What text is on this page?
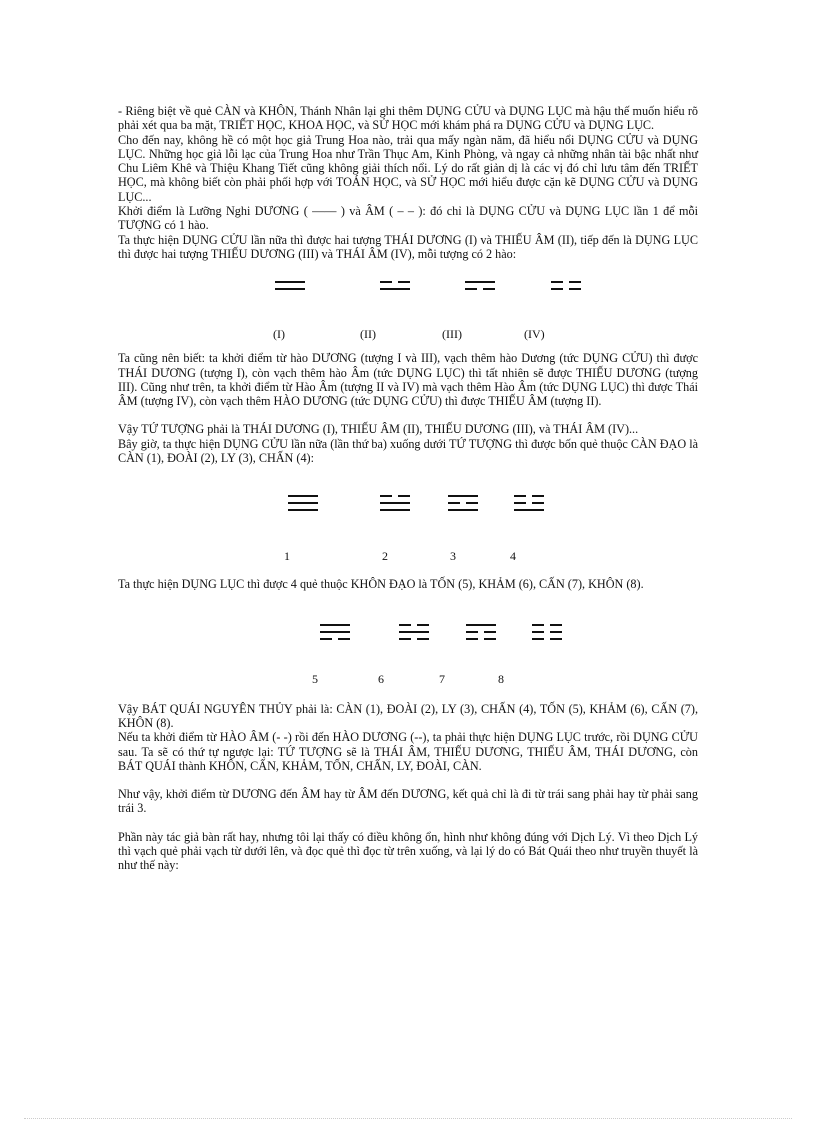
- Riêng biệt về quẻ CÀN và KHÔN, Thánh Nhân lại ghi thêm DỤNG CỬU và DỤNG LỤC mà hậu thế muốn hiểu rõ phải xét qua ba mặt, TRIẾT HỌC, KHOA HỌC, và SỬ HỌC mới khám phá ra DỤNG CỬU và DỤNG LỤC.

Cho đến nay, không hề có một học giả Trung Hoa nào, trải qua mấy ngàn năm, đã hiểu nổi DỤNG CỬU và DỤNG LỤC. Những học giả lỗi lạc của Trung Hoa như Trần Thục Am, Kinh Phòng, và ngay cả những nhân tài bậc nhất như Chu Liêm Khê và Thiệu Khang Tiết cũng không giải thích nổi. Lý do rất giản dị là các vị đó chỉ lưu tâm đến TRIẾT HỌC, mà không biết còn phải phối hợp với TOÁN HỌC, và SỬ HỌC mới hiểu được cặn kẽ DỤNG CỬU và DỤNG LỤC...

Khởi điểm là Lưỡng Nghi DƯƠNG ( —— ) và ÂM ( – – ): đó chỉ là DỤNG CỬU và DỤNG LỤC lần 1 để mỗi TƯỢNG có 1 hào.

Ta thực hiện DỤNG CỬU lần nữa thì được hai tượng THÁI DƯƠNG (I) và THIẾU ÂM (II), tiếp đến là DỤNG LỤC thì được hai tượng THIẾU DƯƠNG (III) và THÁI ÂM (IV), mỗi tượng có 2 hào:

(I)	(II)	(III)	(IV)

Ta cũng nên biết: ta khởi điểm từ hào DƯƠNG (tượng I và III), vạch thêm hào Dương (tức DỤNG CỬU) thì được THÁI DƯƠNG (tượng I), còn vạch thêm hào Âm (tức DỤNG LỤC) thì tất nhiên sẽ được THIẾU DƯƠNG (tượng III). Cũng như trên, ta khởi điểm từ Hào Âm (tượng II và IV) mà vạch thêm Hào Âm (tức DỤNG LỤC) thì được Thái ÂM (tượng IV), còn vạch thêm HÀO DƯƠNG (tức DỤNG CỬU) thì được THIẾU ÂM (tượng II).

Vậy TỨ TƯỢNG phải là THÁI DƯƠNG (I), THIẾU ÂM (II), THIẾU DƯƠNG (III), và THÁI ÂM (IV)...

Bây giờ, ta thực hiện DỤNG CỬU lần nữa (lần thứ ba) xuống dưới TỨ TƯỢNG thì được bốn quẻ thuộc CÀN ĐẠO là CÀN (1), ĐOÀI (2), LY (3), CHẤN (4):

1	2	3	4

Ta thực hiện DỤNG LỤC thì được 4 quẻ thuộc KHÔN ĐẠO là TỐN (5), KHẢM (6), CẤN (7), KHÔN (8).

5	6	7	8

Vậy BÁT QUÁI NGUYÊN THỦY phải là: CÀN (1), ĐOÀI (2), LY (3), CHẤN (4), TỐN (5), KHẢM (6), CẤN (7), KHÔN (8).

Nếu ta khởi điểm từ HÀO ÂM (- -) rồi đến HÀO DƯƠNG (--), ta phải thực hiện DỤNG LỤC trước, rồi DỤNG CỬU sau. Ta sẽ có thứ tự ngược lại: TỨ TƯỢNG sẽ là THÁI ÂM, THIẾU DƯƠNG, THIẾU ÂM, THÁI DƯƠNG, còn BÁT QUÁI thành KHÔN, CẤN, KHẢM, TỐN, CHẤN, LY, ĐOÀI, CÀN.

Như vậy, khởi điểm từ DƯƠNG đến ÂM hay từ ÂM đến DƯƠNG, kết quả chỉ là đi từ trái sang phải hay từ phải sang trái 3.

Phần này tác giả bàn rất hay, nhưng tôi lại thấy có điều không ổn, hình như không đúng với Dịch Lý. Vì theo Dịch Lý thì vạch quẻ phải vạch từ dưới lên, và đọc quẻ thì đọc từ trên xuống, và lại lý do có Bát Quái theo như truyền thuyết là như thế này:
